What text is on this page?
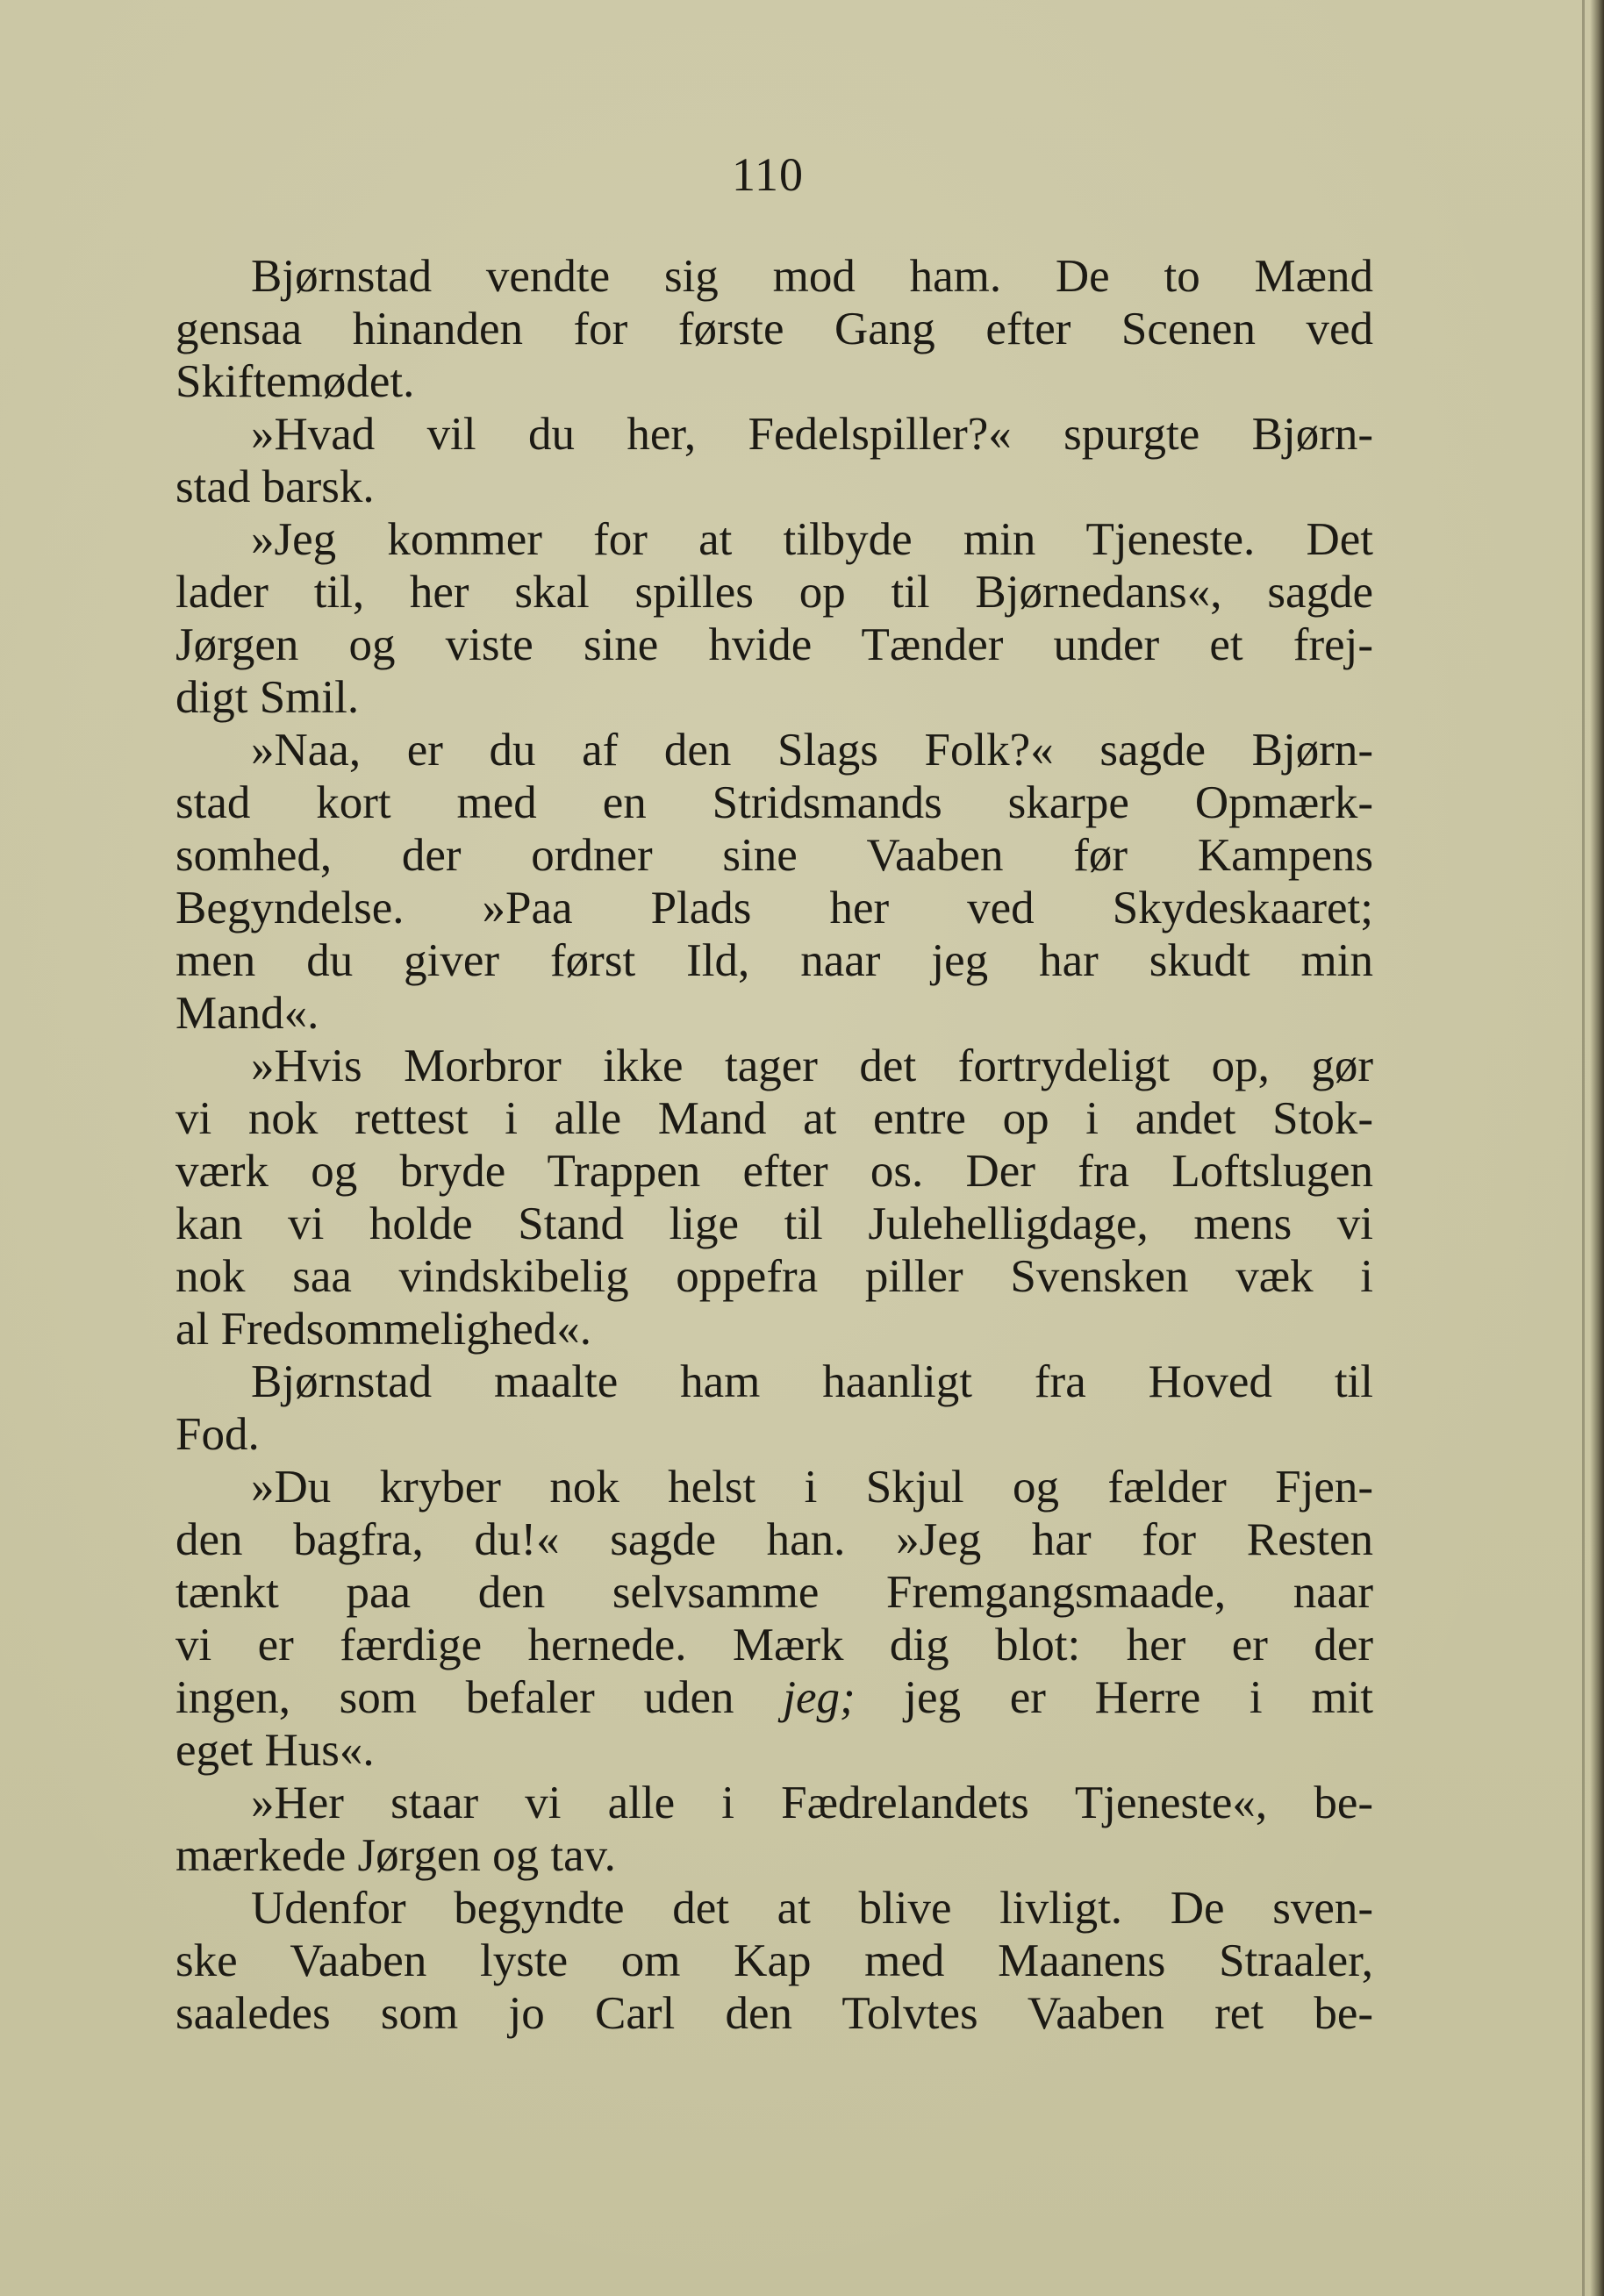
110
Bjørnstad vendte sig mod ham. De to Mænd
gensaa hinanden for første Gang efter Scenen ved
Skiftemødet.
»Hvad vil du her, Fedelspiller?« spurgte Bjørn-
stad barsk.
»Jeg kommer for at tilbyde min Tjeneste. Det
lader til, her skal spilles op til Bjørnedans«, sagde
Jørgen og viste sine hvide Tænder under et frej-
digt Smil.
»Naa, er du af den Slags Folk?« sagde Bjørn-
stad kort med en Stridsmands skarpe Opmærk-
somhed, der ordner sine Vaaben før Kampens
Begyndelse. »Paa Plads her ved Skydeskaaret;
men du giver først Ild, naar jeg har skudt min
Mand«.
»Hvis Morbror ikke tager det fortrydeligt op, gør
vi nok rettest i alle Mand at entre op i andet Stok-
værk og bryde Trappen efter os. Der fra Loftslugen
kan vi holde Stand lige til Julehelligdage, mens vi
nok saa vindskibelig oppefra piller Svensken væk i
al Fredsommelighed«.
Bjørnstad maalte ham haanligt fra Hoved til
Fod.
»Du kryber nok helst i Skjul og fælder Fjen-
den bagfra, du!« sagde han. »Jeg har for Resten
tænkt paa den selvsamme Fremgangsmaade, naar
vi er færdige hernede. Mærk dig blot: her er der
ingen, som befaler uden jeg; jeg er Herre i mit
eget Hus«.
»Her staar vi alle i Fædrelandets Tjeneste«, be-
mærkede Jørgen og tav.
Udenfor begyndte det at blive livligt. De sven-
ske Vaaben lyste om Kap med Maanens Straaler,
saaledes som jo Carl den Tolvtes Vaaben ret be-
